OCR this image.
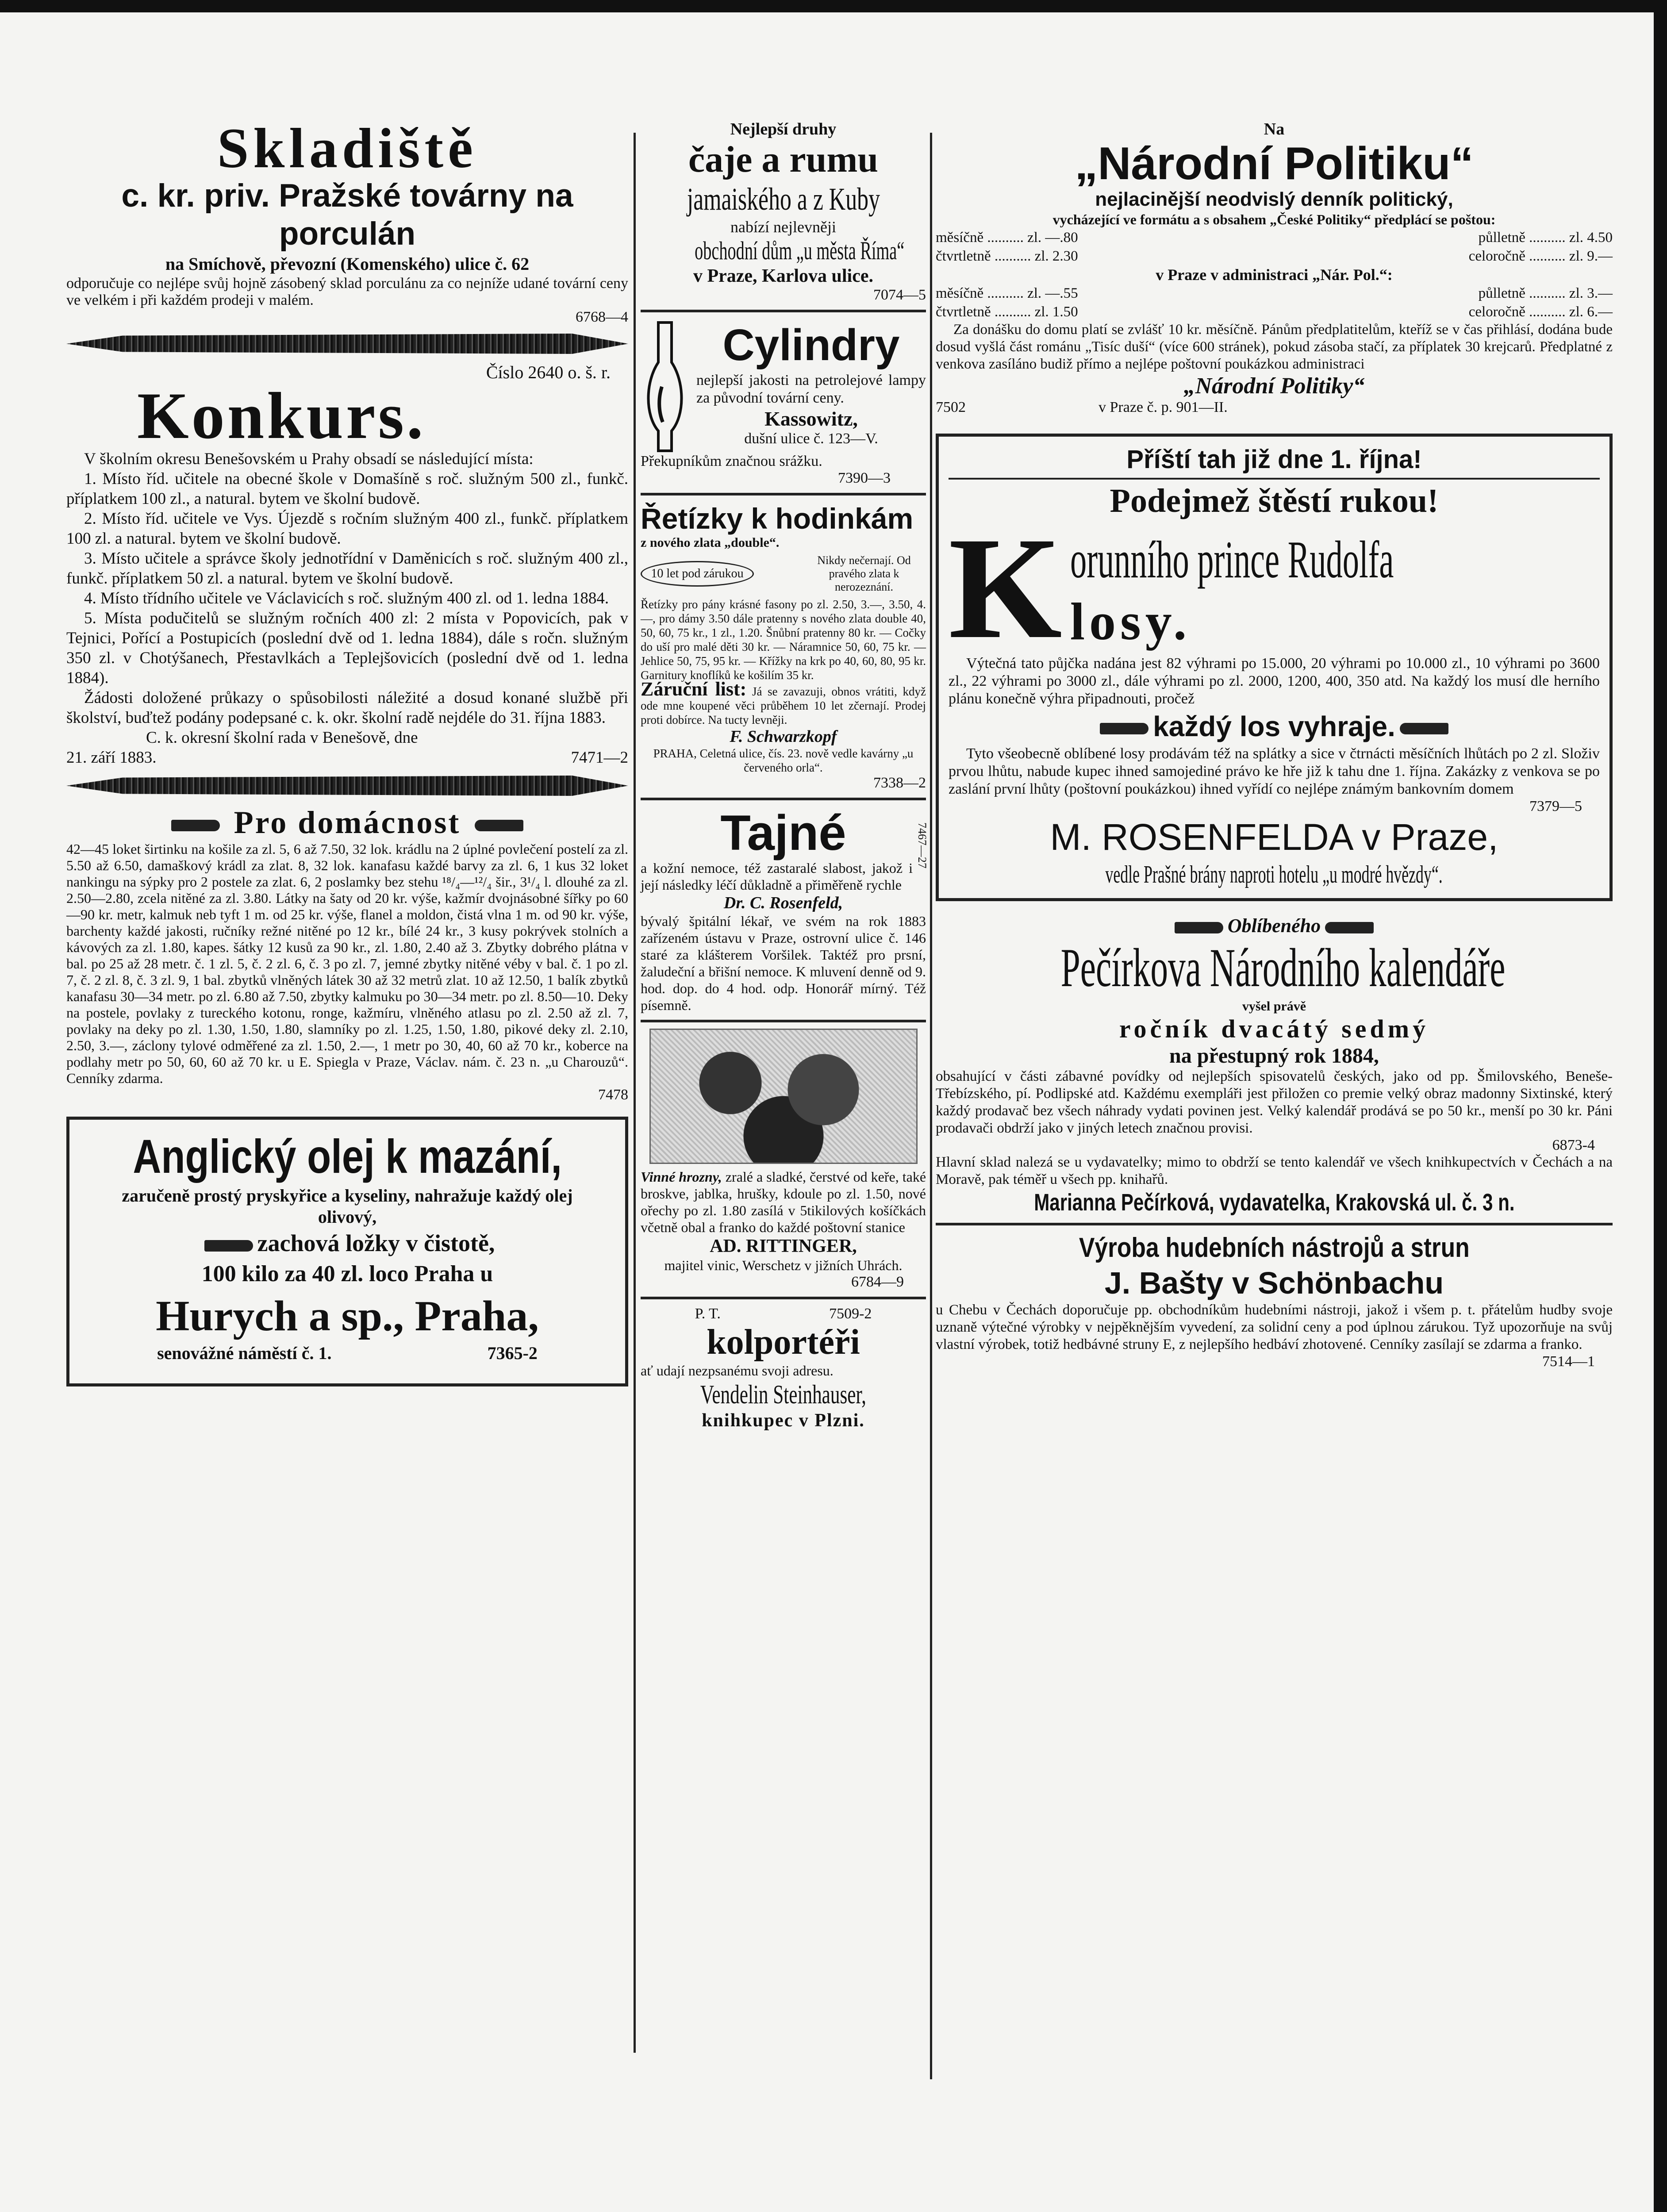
Skladiště
c. kr. priv. Pražské továrny na porculán
na Smíchově, převozní (Komenského) ulice č. 62
odporučuje co nejlépe svůj hojně zásobený sklad porculánu za co nejníže udané tovární ceny ve velkém i při každém prodeji v malém.
6768—4
Číslo 2640 o. š. r.
Konkurs.

V školním okresu Benešovském u Prahy obsadí se následující místa:

1. Místo říd. učitele na obecné škole v Domašíně s roč. služným 500 zl., funkč. příplatkem 100 zl., a natural. bytem ve školní budově.

2. Místo říd. učitele ve Vys. Újezdě s ročním služným 400 zl., funkč. příplatkem 100 zl. a natural. bytem ve školní budově.

3. Místo učitele a správce školy jednotřídní v Daměnicích s roč. služným 400 zl., funkč. příplatkem 50 zl. a natural. bytem ve školní budově.

4. Místo třídního učitele ve Václavicích s roč. služným 400 zl. od 1. ledna 1884.

5. Místa podučitelů se služným ročních 400 zl: 2 místa v Popovicích, pak v Tejnici, Pořící a Postupicích (poslední dvě od 1. ledna 1884), dále s ročn. služným 350 zl. v Chotýšanech, Přestavlkách a Teplejšovicích (poslední dvě od 1. ledna 1884).

Žádosti doložené průkazy o spůsobilosti náležité a dosud konané službě při školství, buďtež podány podepsané c. k. okr. školní radě nejdéle do 31. října 1883.

C. k. okresní školní rada v Benešově, dne

21. září 1883.	7471—2
Pro domácnost

42—45 loket širtinku na košile za zl. 5, 6 až 7.50, 32 lok. krádlu na 2 úplné povlečení postelí za zl. 5.50 až 6.50, damaškový krádl za zlat. 8, 32 lok. kanafasu každé barvy za zl. 6, 1 kus 32 loket nankingu na sýpky pro 2 postele za zlat. 6, 2 poslamky bez stehu ¹⁸/₄—¹²/₄ šir., 3¹/₄ l. dlouhé za zl. 2.50—2.80, zcela nitěné za zl. 3.80. Látky na šaty od 20 kr. výše, kažmír dvojnásobné šířky po 60—90 kr. metr, kalmuk neb tyft 1 m. od 25 kr. výše, flanel a moldon, čistá vlna 1 m. od 90 kr. výše, barchenty každé jakosti, ručníky režné nitěné po 12 kr., bílé 24 kr., 3 kusy pokrývek stolních a kávových za zl. 1.80, kapes. šátky 12 kusů za 90 kr., zl. 1.80, 2.40 až 3. Zbytky dobrého plátna v bal. po 25 až 28 metr. č. 1 zl. 5, č. 2 zl. 6, č. 3 po zl. 7, jemné zbytky nitěné véby v bal. č. 1 po zl. 7, č. 2 zl. 8, č. 3 zl. 9, 1 bal. zbytků vlněných látek 30 až 32 metrů zlat. 10 až 12.50, 1 balík zbytků kanafasu 30—34 metr. po zl. 6.80 až 7.50, zbytky kalmuku po 30—34 metr. po zl. 8.50—10. Deky na postele, povlaky z tureckého kotonu, ronge, kažmíru, vlněného atlasu po zl. 2.50 až zl. 7, povlaky na deky po zl. 1.30, 1.50, 1.80, slamníky po zl. 1.25, 1.50, 1.80, pikové deky zl. 2.10, 2.50, 3.—, záclony tylové odměřené za zl. 1.50, 2.—, 1 metr po 30, 40, 60 až 70 kr., koberce na podlahy metr po 50, 60, 60 až 70 kr. u E. Spiegla v Praze, Václav. nám. č. 23 n. „u Charouzů“. Cenníky zdarma.

7478
Anglický olej k mazání,
zaručeně prostý pryskyřice a kyseliny, nahražuje každý olej olivový,
zachová ložky v čistotě,
100 kilo za 40 zl. loco Praha u
Hurych a sp., Praha,
senovážné náměstí č. 1.	7365-2
Nejlepší druhy
čaje a rumu
jamaiského a z Kuby
nabízí nejlevněji
obchodní dům „u města Říma“
v Praze, Karlova ulice.
7074—5
Cylindry
nejlepší jakosti na petrolejové lampy za původní tovární ceny.
Kassowitz,
dušní ulice č. 123—V.
Překupníkům značnou srážku.
7390—3
Řetízky k hodinkám
z nového zlata „double“.
10 let pod zárukou
Nikdy nečernají. Od pravého zlata k nerozeznání.

Řetízky pro pány krásné fasony po zl. 2.50, 3.—, 3.50, 4.—, pro dámy 3.50 dále pratenny s nového zlata double 40, 50, 60, 75 kr., 1 zl., 1.20. Šnůbní pratenny 80 kr. — Cočky do uší pro malé děti 30 kr. — Náramnice 50, 60, 75 kr. — Jehlice 50, 75, 95 kr. — Křížky na krk po 40, 60, 80, 95 kr. Garnitury knoflíků ke košilím 35 kr.

Záruční list: Já se zavazuji, obnos vrátiti, když ode mne koupené věci průběhem 10 let zčernají. Prodej proti dobírce. Na tucty levněji.

F. Schwarzkopf
PRAHA, Celetná ulice, čís. 23. nově vedle kavárny „u červeného orla“.
7338—2
Tajné

a kožní nemoce, též zastaralé slabost, jakož i její následky léčí důkladně a přiměřeně rychle

Dr. C. Rosenfeld,

bývalý špitální lékař, ve svém na rok 1883 zařízeném ústavu v Praze, ostrovní ulice č. 146 staré za klášterem Voršilek. Taktéž pro prsní, žaludeční a břišní nemoce. K mluvení denně od 9. hod. dop. do 4 hod. odp. Honorář mírný. Též písemně.

7467—27

Vinné hrozny, zralé a sladké, čerstvé od keře, také broskve, jablka, hrušky, kdoule po zl. 1.50, nové ořechy po zl. 1.80 zasílá v 5tikilových košíčkách včetně obal a franko do každé poštovní stanice

AD. RITTINGER,
majitel vinic, Werschetz v jižních Uhrách.
6784—9
P. T.	7509-2
kolportéři
ať udají nezpsanému svoji adresu.
Vendelin Steinhauser,
knihkupec v Plzni.
Na
„Národní Politiku“
nejlacinější neodvislý denník politický,
vycházející ve formátu a s obsahem „České Politiky“ předplácí se poštou:
měsíčně .......... zl. —.80	půlletně .......... zl. 4.50
čtvrtletně .......... zl. 2.30	celoročně .......... zl. 9.—
v Praze v administraci „Nár. Pol.“:
měsíčně .......... zl. —.55	půlletně .......... zl. 3.—
čtvrtletně .......... zl. 1.50	celoročně .......... zl. 6.—

Za donášku do domu platí se zvlášť 10 kr. měsíčně. Pánům předplatitelům, kteříž se v čas přihlásí, dodána bude dosud vyšlá část románu „Tisíc duší“ (více 600 stránek), pokud zásoba stačí, za příplatek 30 krejcarů. Předplatné z venkova zasíláno budiž přímo a nejlépe poštovní poukázkou administraci

„Národní Politiky“
7502	v Praze č. p. 901—II.
Příští tah již dne 1. října!
Podejmež štěstí rukou!
K orunního prince Rudolfa
losy.

Výtečná tato půjčka nadána jest 82 výhrami po 15.000, 20 výhrami po 10.000 zl., 10 výhrami po 3600 zl., 22 výhrami po 3000 zl., dále výhrami po zl. 2000, 1200, 400, 350 atd. Na každý los musí dle herního plánu konečně výhra připadnouti, pročež

každý los vyhraje.

Tyto všeobecně oblíbené losy prodávám též na splátky a sice v čtrnácti měsíčních lhůtách po 2 zl. Složiv prvou lhůtu, nabude kupec ihned samojediné právo ke hře již k tahu dne 1. října. Zakázky z venkova se po zaslání první lhůty (poštovní poukázkou) ihned vyřídí co nejlépe známým bankovním domem

7379—5
M. ROSENFELDA v Praze,
vedle Prašné brány naproti hotelu „u modré hvězdy“.
Oblíbeného
Pečírkova Národního kalendáře
vyšel právě
ročník dvacátý sedmý
na přestupný rok 1884,

obsahující v části zábavné povídky od nejlepších spisovatelů českých, jako od pp. Šmilovského, Beneše-Třebízského, pí. Podlipské atd. Každému exempláři jest přiložen co premie velký obraz madonny Sixtinské, který každý prodavač bez všech náhrady vydati povinen jest. Velký kalendář prodává se po 50 kr., menší po 30 kr. Páni prodavači obdrží jako v jiných letech značnou provisi.

6873-4

Hlavní sklad nalezá se u vydavatelky; mimo to obdrží se tento kalendář ve všech knihkupectvích v Čechách a na Moravě, pak téměř u všech pp. knihařů.

Marianna Pečírková, vydavatelka, Krakovská ul. č. 3 n.
Výroba hudebních nástrojů a strun
J. Bašty v Schönbachu

u Chebu v Čechách doporučuje pp. obchodníkům hudebními nástroji, jakož i všem p. t. přátelům hudby svoje uznaně výtečné výrobky v nejpěknějším vyvedení, za solidní ceny a pod úplnou zárukou. Tyž upozorňuje na svůj vlastní výrobek, totiž hedbávné struny E, z nejlepšího hedbáví zhotovené. Cenníky zasílají se zdarma a franko.

7514—1
